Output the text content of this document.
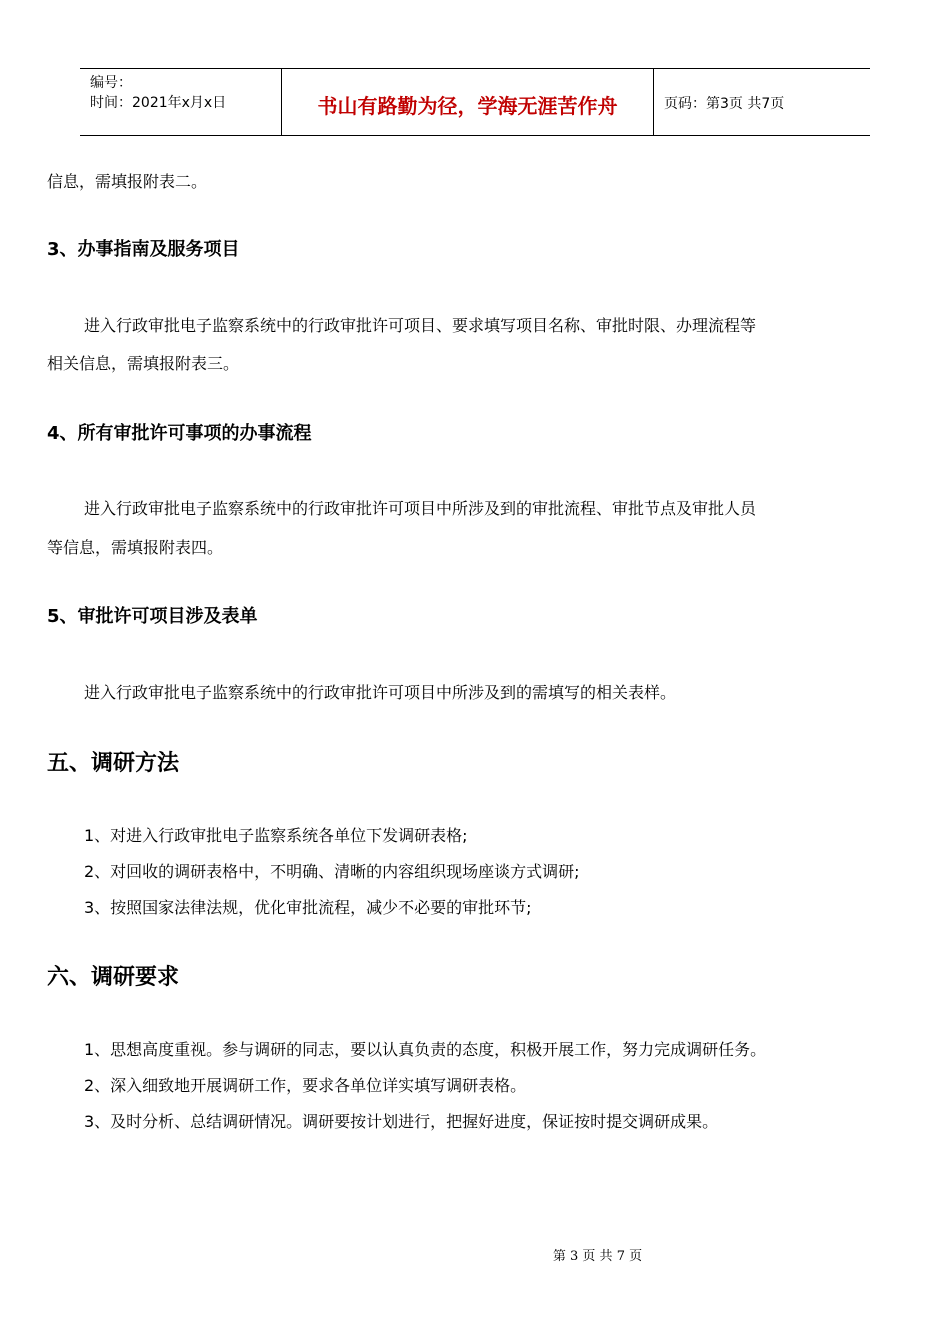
编号：
时间：2021年x月x日	书山有路勤为径，学海无涯苦作舟	页码：第3页 共7页
信息，需填报附表二。
3、办事指南及服务项目
进入行政审批电子监察系统中的行政审批许可项目、要求填写项目名称、审批时限、办理流程等
相关信息，需填报附表三。
4、所有审批许可事项的办事流程
进入行政审批电子监察系统中的行政审批许可项目中所涉及到的审批流程、审批节点及审批人员
等信息，需填报附表四。
5、审批许可项目涉及表单
进入行政审批电子监察系统中的行政审批许可项目中所涉及到的需填写的相关表样。
五、调研方法
1、对进入行政审批电子监察系统各单位下发调研表格;
2、对回收的调研表格中，不明确、清晰的内容组织现场座谈方式调研;
3、按照国家法律法规，优化审批流程，减少不必要的审批环节;
六、调研要求
1、思想高度重视。参与调研的同志，要以认真负责的态度，积极开展工作，努力完成调研任务。
2、深入细致地开展调研工作，要求各单位详实填写调研表格。
3、及时分析、总结调研情况。调研要按计划进行，把握好进度，保证按时提交调研成果。
第 3 页 共 7 页
